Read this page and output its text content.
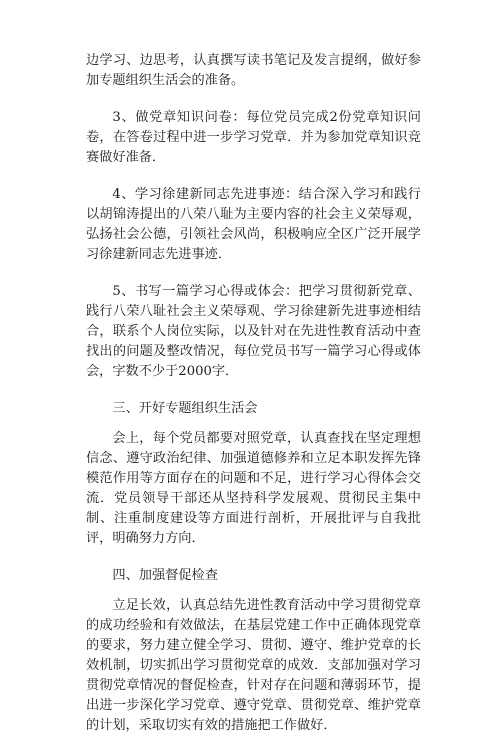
边学习、边思考，认真撰写读书笔记及发言提纲，做好参加专题组织生活会的准备。

3、做党章知识问卷：每位党员完成2份党章知识问卷，在答卷过程中进一步学习党章．并为参加党章知识竞赛做好准备．

4、学习徐建新同志先进事迹：结合深入学习和践行以胡锦涛提出的八荣八耻为主要内容的社会主义荣辱观，弘扬社会公德，引领社会风尚，积极响应全区广泛开展学习徐建新同志先进事迹．

5、书写一篇学习心得或体会：把学习贯彻新党章、践行八荣八耻社会主义荣辱观、学习徐建新先进事迹相结合，联系个人岗位实际，以及针对在先进性教育活动中查找出的问题及整改情况，每位党员书写一篇学习心得或体会，字数不少于2000字．

三、开好专题组织生活会

会上，每个党员都要对照党章，认真查找在坚定理想信念、遵守政治纪律、加强道德修养和立足本职发挥先锋模范作用等方面存在的问题和不足，进行学习心得体会交流．党员领导干部还从坚持科学发展观、贯彻民主集中制、注重制度建设等方面进行剖析，开展批评与自我批评，明确努力方向．

四、加强督促检查

立足长效，认真总结先进性教育活动中学习贯彻党章的成功经验和有效做法，在基层党建工作中正确体现党章的要求，努力建立健全学习、贯彻、遵守、维护党章的长效机制，切实抓出学习贯彻党章的成效．支部加强对学习贯彻党章情况的督促检查，针对存在问题和薄弱环节，提出进一步深化学习党章、遵守党章、贯彻党章、维护党章的计划，采取切实有效的措施把工作做好．
